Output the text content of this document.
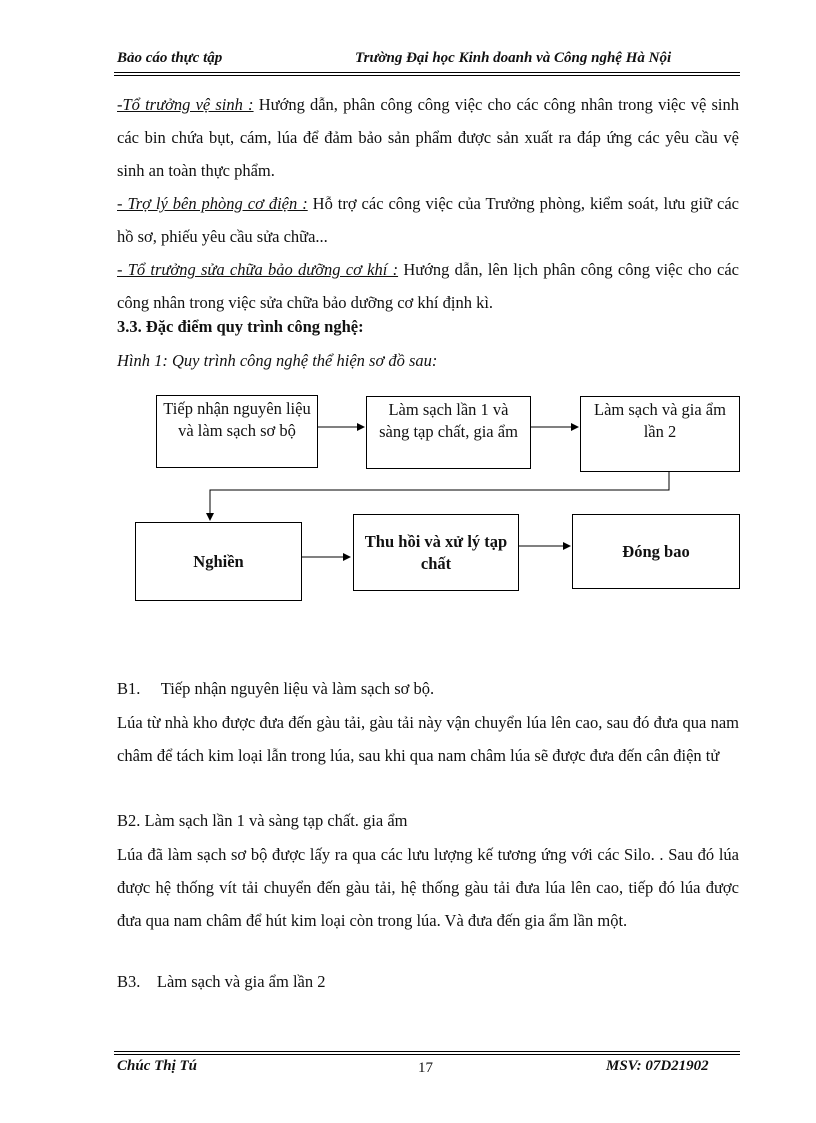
Bảo cáo thực tập	Trường Đại học Kinh doanh và Công nghệ Hà Nội
-Tổ trưởng vệ sinh : Hướng dẫn, phân công công việc cho các công nhân trong việc vệ sinh các bin chứa bụt, cám, lúa để đảm bảo sản phẩm được sản xuất ra đáp ứng các yêu cầu vệ sinh an toàn thực phẩm.
- Trợ lý bên phòng cơ điện : Hỗ trợ các công việc của Trưởng phòng, kiểm soát, lưu giữ các hồ sơ, phiếu yêu cầu sửa chữa...
- Tổ trưởng sửa chữa bảo dưỡng cơ khí : Hướng dẫn, lên lịch phân công công việc cho các công nhân trong việc sửa chữa bảo dưỡng cơ khí định kì.
3.3. Đặc điểm quy trình công nghệ:
Hình 1: Quy trình công nghệ thể hiện sơ đồ sau:
Tiếp nhận nguyên liệu và làm sạch sơ bộ
Làm sạch lần 1 và sàng tạp chất, gia ẩm
Làm sạch và gia ẩm lần 2
Nghiền
Thu hồi và xử lý tạp chất
Đóng bao
B1.     Tiếp nhận nguyên liệu và làm sạch sơ bộ.
Lúa từ nhà kho được đưa đến gàu tải, gàu tải này vận chuyển lúa lên cao, sau đó đưa qua nam châm để tách kim loại lẫn trong lúa, sau khi qua nam châm lúa sẽ được đưa đến cân điện tử
B2. Làm sạch lần 1 và sàng tạp chất. gia ẩm
Lúa đã làm sạch sơ bộ được lấy ra qua các lưu lượng kế tương ứng với các Silo. . Sau đó lúa được hệ thống vít tải chuyển đến gàu tải, hệ thống gàu tải đưa lúa lên cao, tiếp đó lúa được đưa qua nam châm để hút kim loại còn trong lúa. Và đưa đến gia ẩm lần một.
B3.    Làm sạch và gia ẩm lần 2
Chúc Thị Tú	17	MSV: 07D21902
